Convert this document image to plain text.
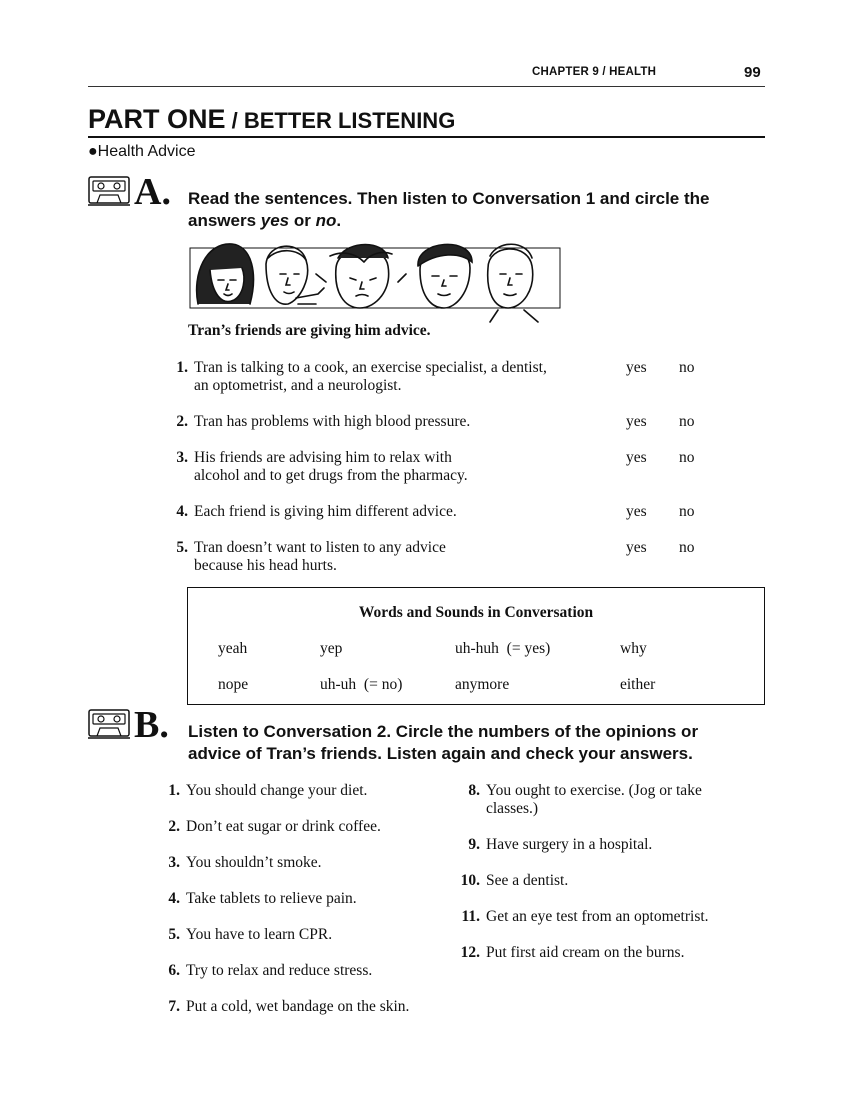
CHAPTER 9 / HEALTH	99
PART ONE / BETTER LISTENING
●Health Advice
A. Read the sentences. Then listen to Conversation 1 and circle the
answers yes or no.
Tran’s friends are giving him advice.
1. Tran is talking to a cook, an exercise specialist, a dentist,
an optometrist, and a neurologist.
yes no
2. Tran has problems with high blood pressure.	yes no
3. His friends are advising him to relax with
alcohol and to get drugs from the pharmacy.
yes no
4. Each friend is giving him different advice.	yes no
5. Tran doesn’t want to listen to any advice
because his head hurts.
yes no
Words and Sounds in Conversation
yeah	yep	uh-huh  (= yes)	why
nope	uh-uh  (= no)	anymore	either
B. Listen to Conversation 2. Circle the numbers of the opinions or
advice of Tran’s friends. Listen again and check your answers.
1. You should change your diet.
2. Don’t eat sugar or drink coffee.
3. You shouldn’t smoke.
4. Take tablets to relieve pain.
5. You have to learn CPR.
6. Try to relax and reduce stress.
7. Put a cold, wet bandage on the skin.
8. You ought to exercise. (Jog or take
classes.)
9. Have surgery in a hospital.
10. See a dentist.
11. Get an eye test from an optometrist.
12. Put first aid cream on the burns.
